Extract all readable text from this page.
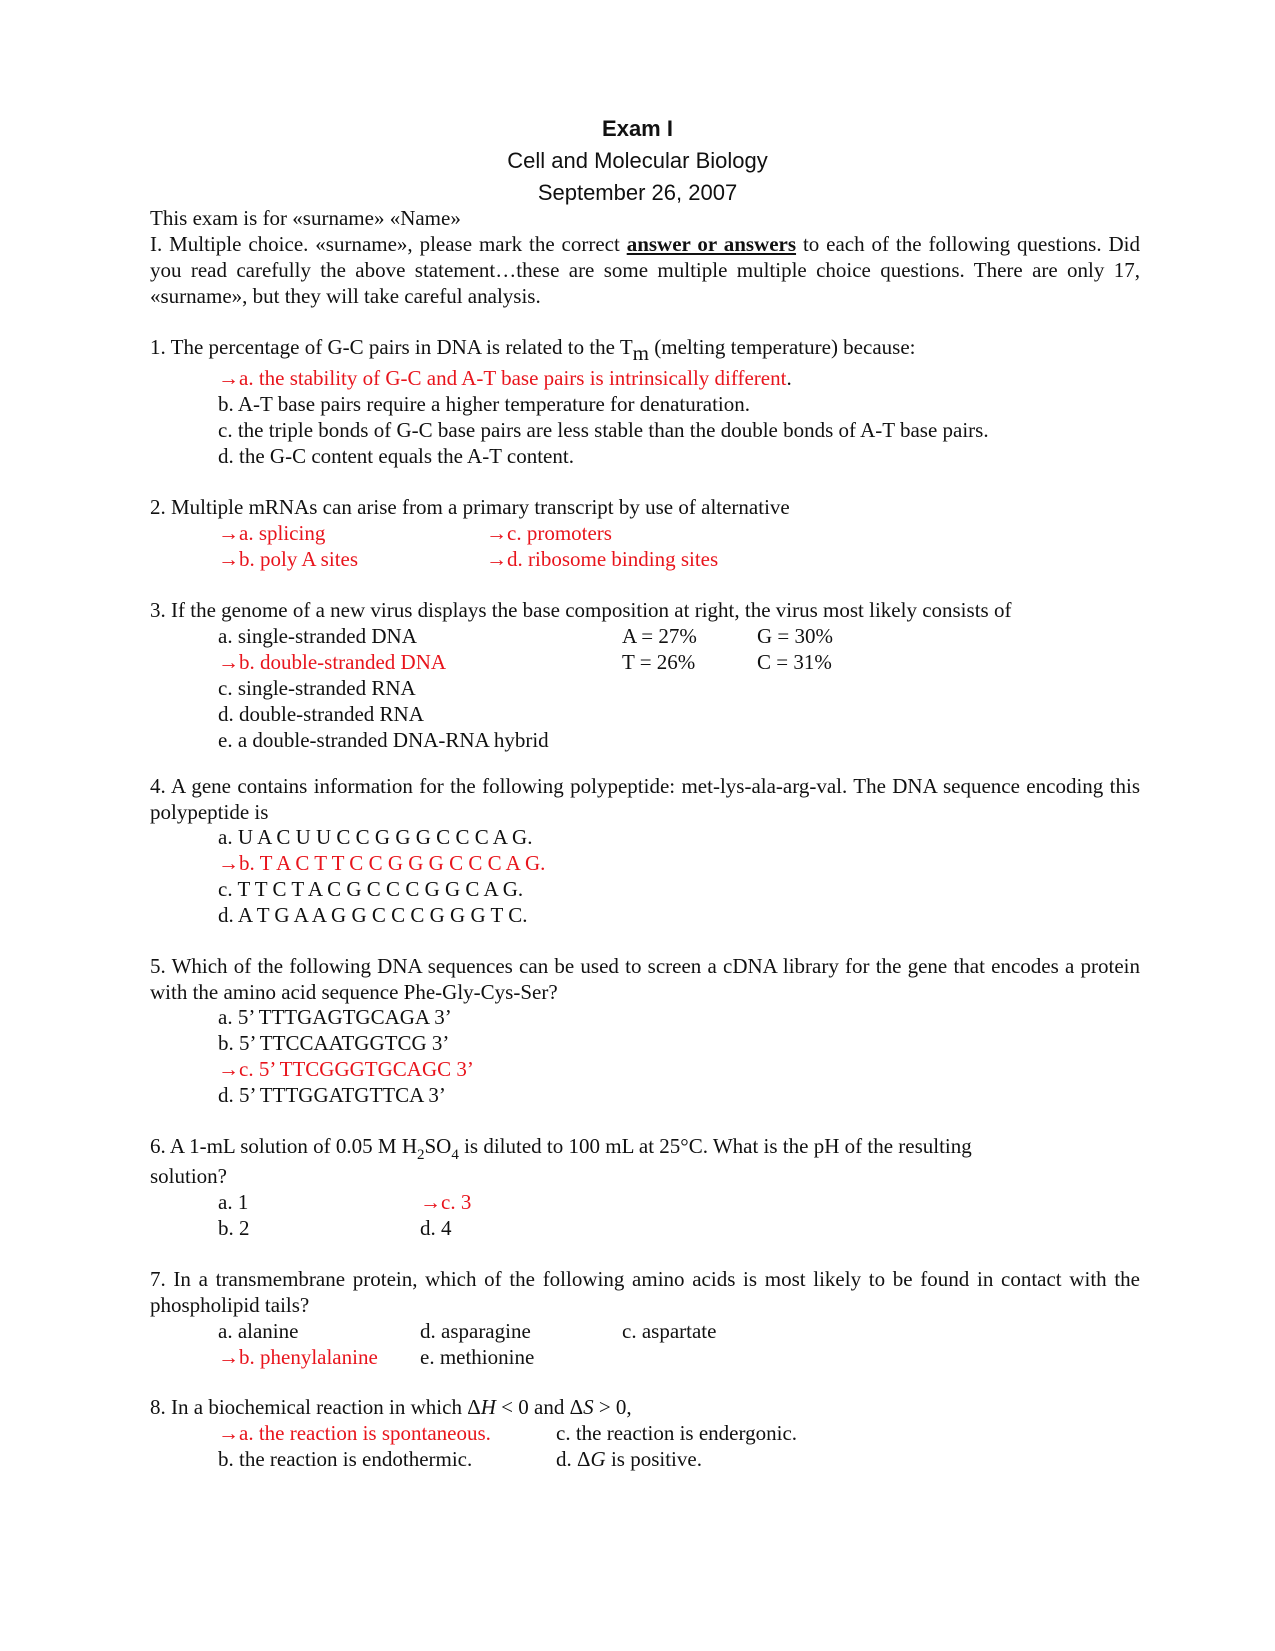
Exam I
Cell and Molecular Biology
September 26, 2007
This exam is for «surname» «Name»
I. Multiple choice. «surname», please mark the correct answer or answers to each of the following questions. Did you read carefully the above statement…these are some multiple multiple choice questions. There are only 17, «surname», but they will take careful analysis.
1. The percentage of G-C pairs in DNA is related to the Tm (melting temperature) because:
→a. the stability of G-C and A-T base pairs is intrinsically different.
b. A-T base pairs require a higher temperature for denaturation.
c. the triple bonds of G-C base pairs are less stable than the double bonds of A-T base pairs.
d. the G-C content equals the A-T content.
2. Multiple mRNAs can arise from a primary transcript by use of alternative
→a. splicing	→c. promoters
→b. poly A sites	→d. ribosome binding sites
3. If the genome of a new virus displays the base composition at right, the virus most likely consists of
a. single-stranded DNA
→b. double-stranded DNA
c. single-stranded RNA
d. double-stranded RNA
e. a double-stranded DNA-RNA hybrid
A = 27%	G = 30%
T = 26%	C = 31%
4. A gene contains information for the following polypeptide: met-lys-ala-arg-val. The DNA sequence encoding this polypeptide is
a. U A C U U C C G G G C C C A G.
→b. T A C T T C C G G G C C C A G.
c. T T C T A C G C C C G G C A G.
d. A T G A A G G C C C G G G T C.
5. Which of the following DNA sequences can be used to screen a cDNA library for the gene that encodes a protein with the amino acid sequence Phe-Gly-Cys-Ser?
a. 5’ TTTGAGTGCAGA 3’
b. 5’ TTCCAATGGTCG 3’
→c. 5’ TTCGGGTGCAGC 3’
d. 5’ TTTGGATGTTCA 3’
6. A 1-mL solution of 0.05 M $H_2SO_4$ is diluted to 100 mL at 25°C. What is the pH of the resulting
solution?
a. 1	→c. 3
b. 2	d. 4
7. In a transmembrane protein, which of the following amino acids is most likely to be found in contact with the phospholipid tails?
a. alanine	d. asparagine	c. aspartate
→b. phenylalanine e. methionine
8. In a biochemical reaction in which ΔH < 0 and ΔS > 0,
→a. the reaction is spontaneous.	c. the reaction is endergonic.
b. the reaction is endothermic.	d. ΔG is positive.
